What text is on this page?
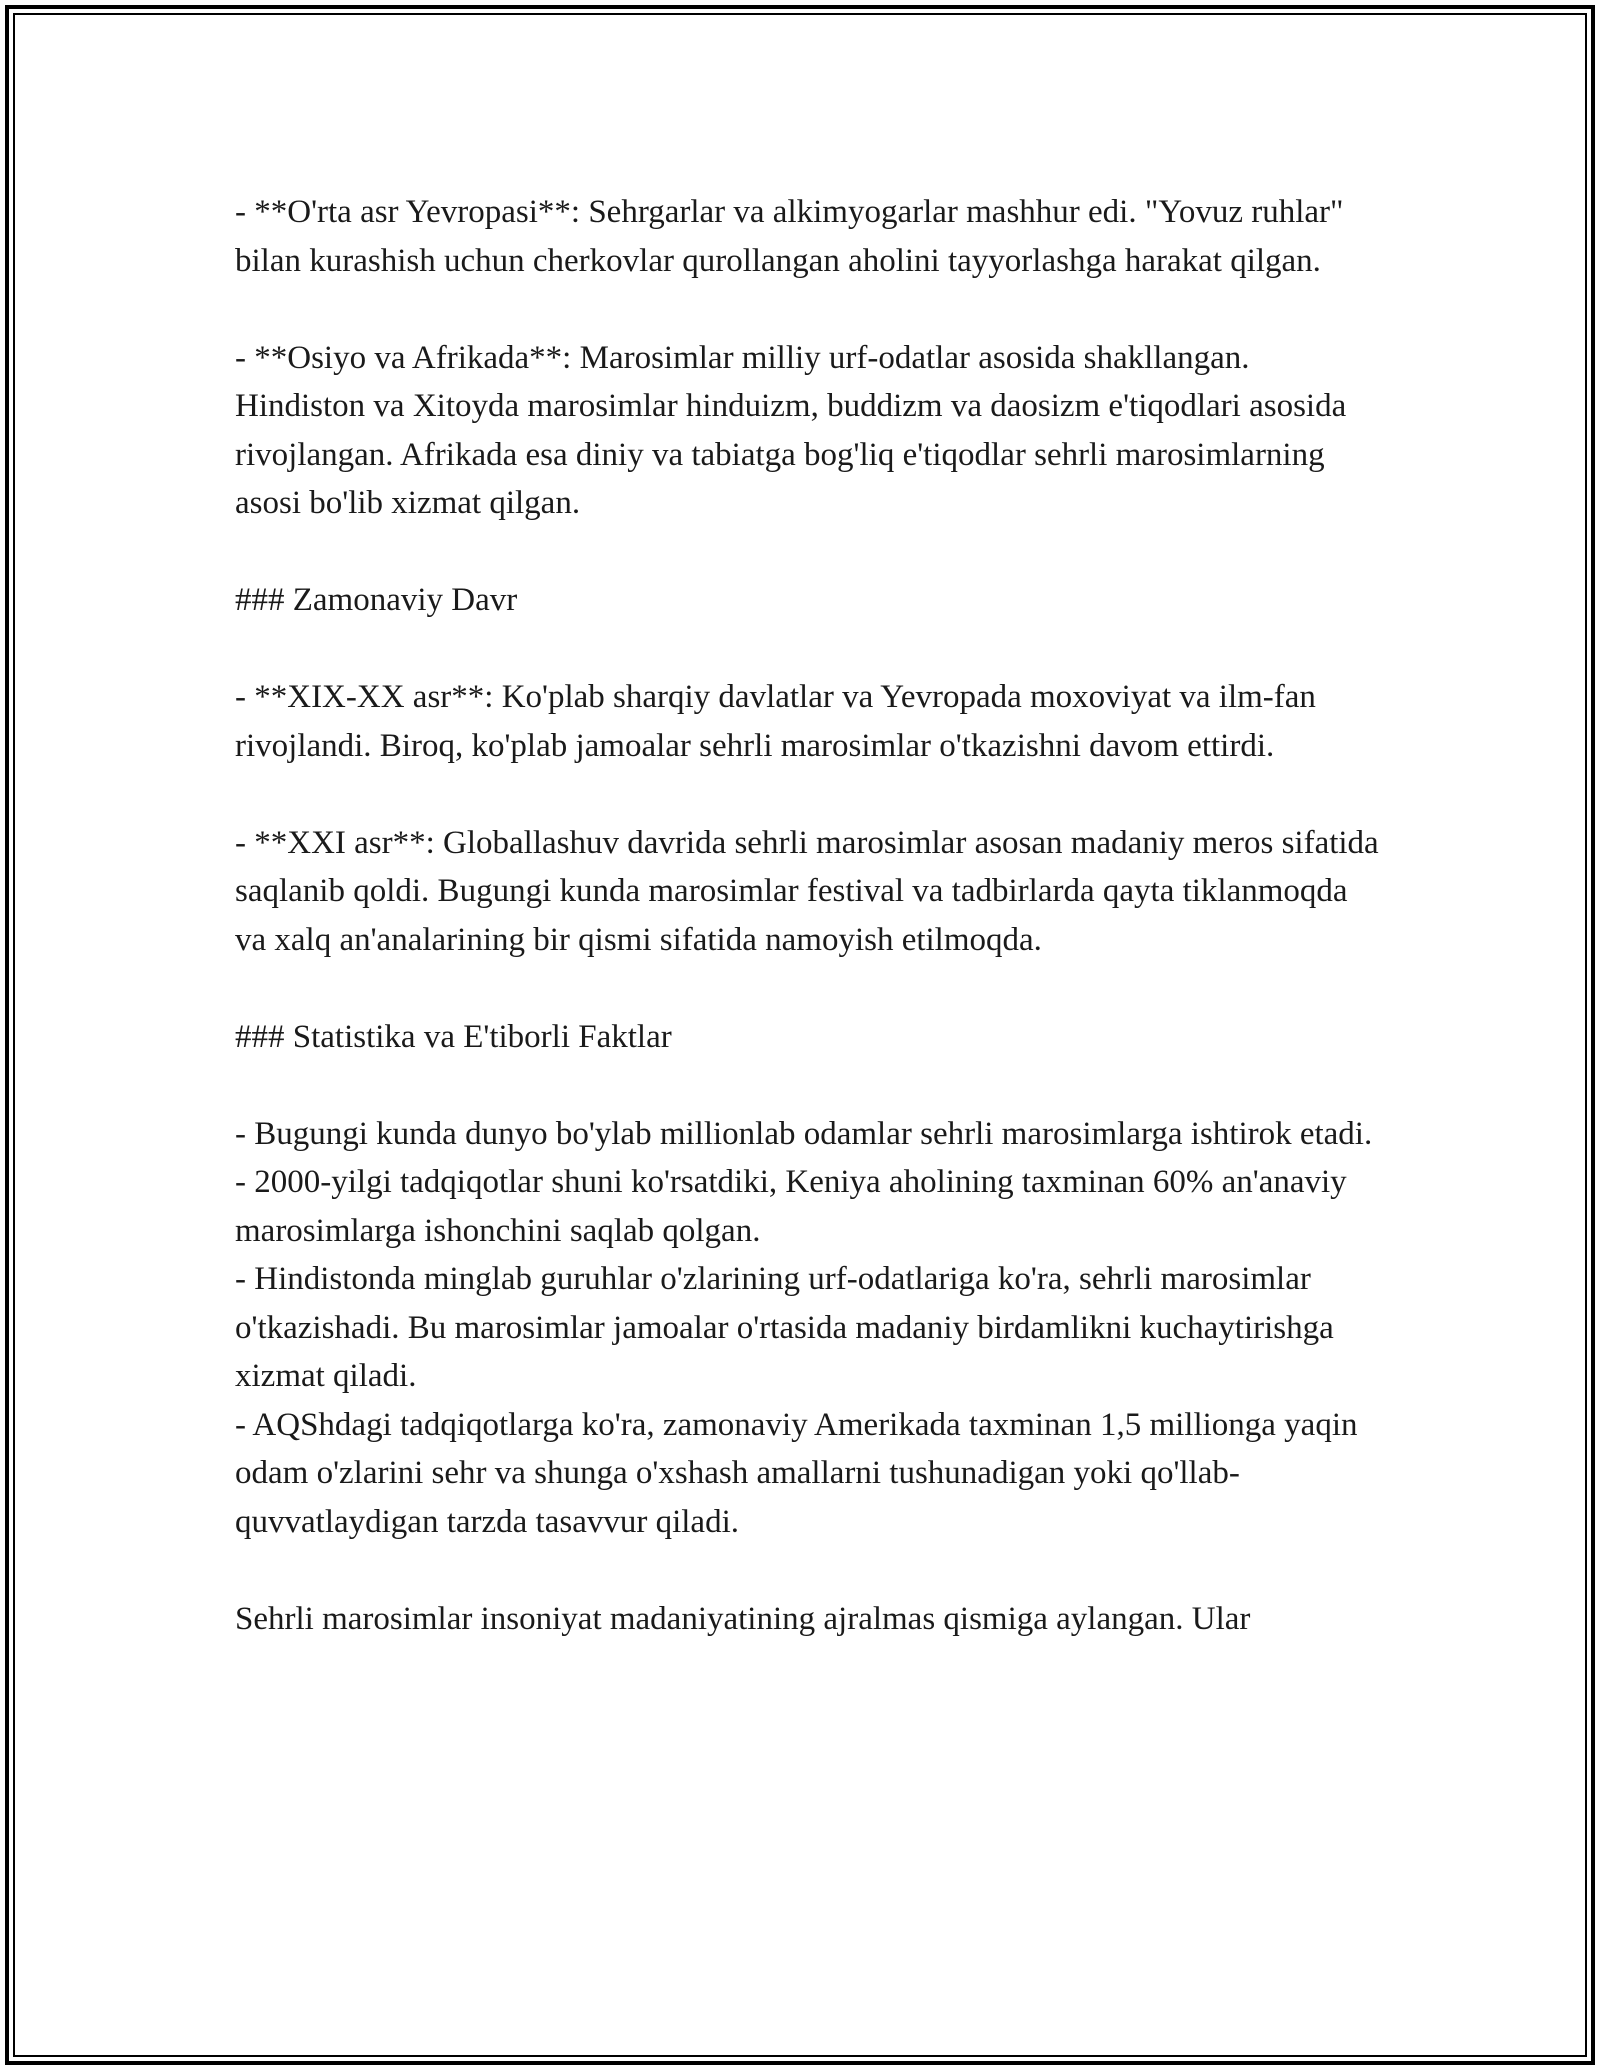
- **O'rta asr Yevropasi**: Sehrgarlar va alkimyogarlar mashhur edi. "Yovuz ruhlar" bilan kurashish uchun cherkovlar qurollangan aholini tayyorlashga harakat qilgan.

- **Osiyo va Afrikada**: Marosimlar milliy urf-odatlar asosida shakllangan. Hindiston va Xitoyda marosimlar hinduizm, buddizm va daosizm e'tiqodlari asosida rivojlangan. Afrikada esa diniy va tabiatga bog'liq e'tiqodlar sehrli marosimlarning asosi bo'lib xizmat qilgan.

### Zamonaviy Davr

- **XIX-XX asr**: Ko'plab sharqiy davlatlar va Yevropada moxoviyat va ilm-fan rivojlandi. Biroq, ko'plab jamoalar sehrli marosimlar o'tkazishni davom ettirdi.

- **XXI asr**: Globallashuv davrida sehrli marosimlar asosan madaniy meros sifatida saqlanib qoldi. Bugungi kunda marosimlar festival va tadbirlarda qayta tiklanmoqda va xalq an'analarining bir qismi sifatida namoyish etilmoqda.

### Statistika va E'tiborli Faktlar

- Bugungi kunda dunyo bo'ylab millionlab odamlar sehrli marosimlarga ishtirok etadi.

- 2000-yilgi tadqiqotlar shuni ko'rsatdiki, Keniya aholining taxminan 60% an'anaviy marosimlarga ishonchini saqlab qolgan.

- Hindistonda minglab guruhlar o'zlarining urf-odatlariga ko'ra, sehrli marosimlar o'tkazishadi. Bu marosimlar jamoalar o'rtasida madaniy birdamlikni kuchaytirishga xizmat qiladi.

- AQShdagi tadqiqotlarga ko'ra, zamonaviy Amerikada taxminan 1,5 millionga yaqin odam o'zlarini sehr va shunga o'xshash amallarni tushunadigan yoki qo'llab-quvvatlaydigan tarzda tasavvur qiladi.

Sehrli marosimlar insoniyat madaniyatining ajralmas qismiga aylangan. Ular
